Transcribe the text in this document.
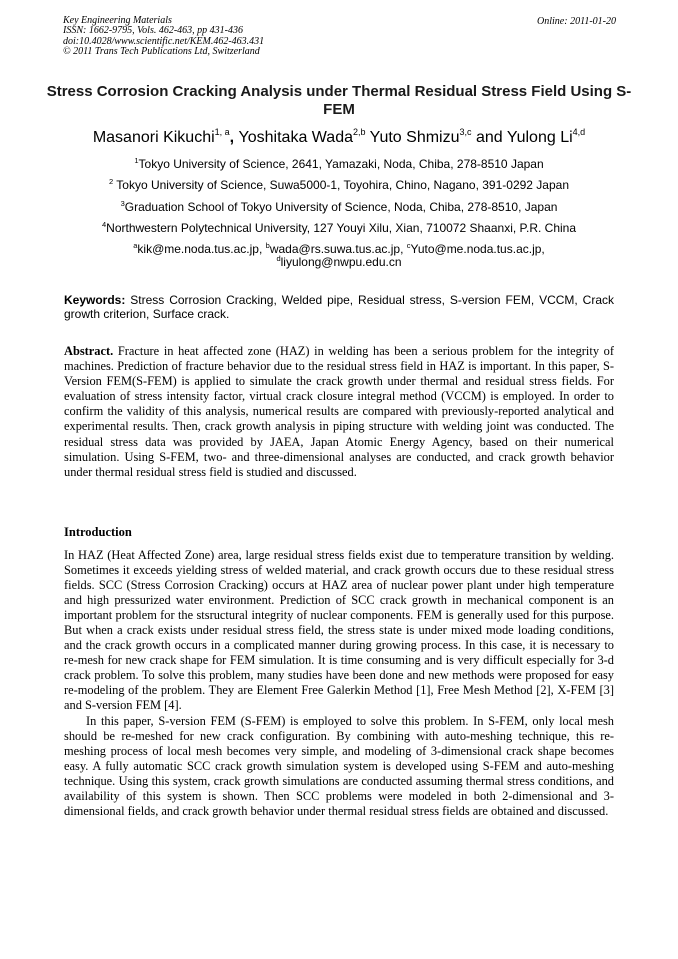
Key Engineering Materials
ISSN: 1662-9795, Vols. 462-463, pp 431-436
doi:10.4028/www.scientific.net/KEM.462-463.431
© 2011 Trans Tech Publications Ltd, Switzerland
Online: 2011-01-20
Stress Corrosion Cracking Analysis under Thermal Residual Stress Field Using S-FEM
Masanori Kikuchi$^{1, a}$, Yoshitaka Wada$^{2,b}$ Yuto Shmizu$^{3,c}$ and Yulong Li$^{4,d}$
$^1$Tokyo University of Science, 2641, Yamazaki, Noda, Chiba, 278-8510 Japan
$^2$ Tokyo University of Science, Suwa5000-1, Toyohira, Chino, Nagano, 391-0292 Japan
$^3$Graduation School of Tokyo University of Science, Noda, Chiba, 278-8510, Japan
$^4$Northwestern Polytechnical University, 127 Youyi Xilu, Xian, 710072 Shaanxi, P.R. China
$^a$kik@me.noda.tus.ac.jp, $^b$wada@rs.suwa.tus.ac.jp, $^c$Yuto@me.noda.tus.ac.jp,
$^d$liyulong@nwpu.edu.cn
Keywords: Stress Corrosion Cracking, Welded pipe, Residual stress, S-version FEM, VCCM, Crack growth criterion, Surface crack.
Abstract. Fracture in heat affected zone (HAZ) in welding has been a serious problem for the integrity of machines. Prediction of fracture behavior due to the residual stress field in HAZ is important. In this paper, S-Version FEM(S-FEM) is applied to simulate the crack growth under thermal and residual stress fields. For evaluation of stress intensity factor, virtual crack closure integral method (VCCM) is employed. In order to confirm the validity of this analysis, numerical results are compared with previously-reported analytical and experimental results. Then, crack growth analysis in piping structure with welding joint was conducted. The residual stress data was provided by JAEA, Japan Atomic Energy Agency, based on their numerical simulation. Using S-FEM, two- and three-dimensional analyses are conducted, and crack growth behavior under thermal residual stress field is studied and discussed.
Introduction

In HAZ (Heat Affected Zone) area, large residual stress fields exist due to temperature transition by welding. Sometimes it exceeds yielding stress of welded material, and crack growth occurs due to these residual stress fields. SCC (Stress Corrosion Cracking) occurs at HAZ area of nuclear power plant under high temperature and high pressurized water environment. Prediction of SCC crack growth in mechanical component is an important problem for the stsructural integrity of nuclear components. FEM is generally used for this purpose. But when a crack exists under residual stress field, the stress state is under mixed mode loading conditions, and the crack growth occurs in a complicated manner during growing process. In this case, it is necessary to re-mesh for new crack shape for FEM simulation. It is time consuming and is very difficult especially for 3-d crack problem. To solve this problem, many studies have been done and new methods were proposed for easy re-modeling of the problem. They are Element Free Galerkin Method [1], Free Mesh Method [2], X-FEM [3] and S-version FEM [4].

In this paper, S-version FEM (S-FEM) is employed to solve this problem. In S-FEM, only local mesh should be re-meshed for new crack configuration. By combining with auto-meshing technique, this re-meshing process of local mesh becomes very simple, and modeling of 3-dimensional crack shape becomes easy. A fully automatic SCC crack growth simulation system is developed using S-FEM and auto-meshing technique. Using this system, crack growth simulations are conducted assuming thermal stress conditions, and availability of this system is shown. Then SCC problems were modeled in both 2-dimensional and 3-dimensional fields, and crack growth behavior under thermal residual stress fields are obtained and discussed.
